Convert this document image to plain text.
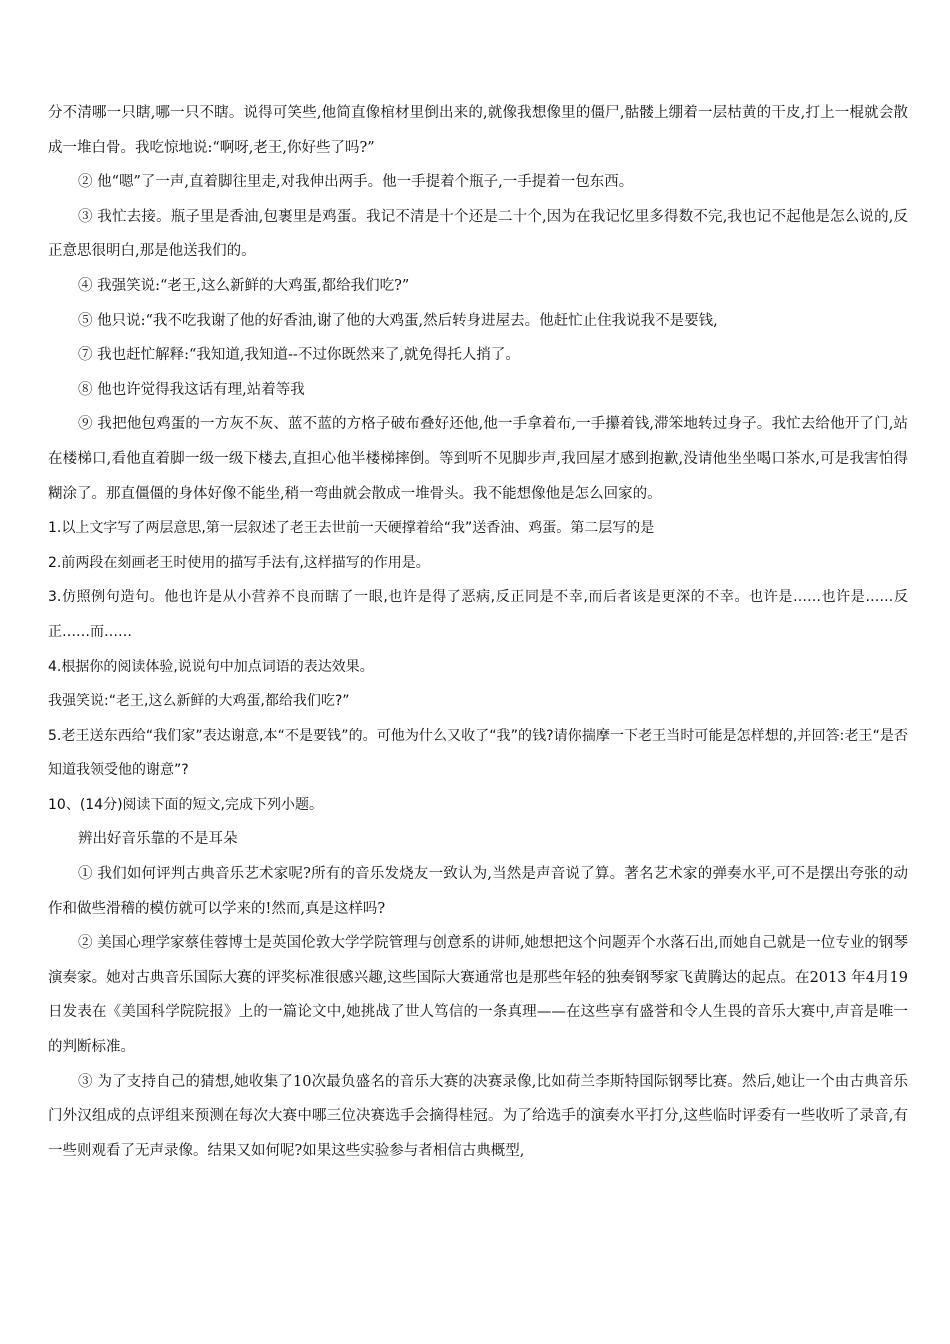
分不清哪一只瞎,哪一只不瞎。说得可笑些,他简直像棺材里倒出来的,就像我想像里的僵尸,骷髅上绷着一层枯黄的干皮,打上一棍就会散成一堆白骨。我吃惊地说:“啊呀,老王,你好些了吗?”

② 他“嗯”了一声,直着脚往里走,对我伸出两手。他一手提着个瓶子,一手提着一包东西。

③ 我忙去接。瓶子里是香油,包裹里是鸡蛋。我记不清是十个还是二十个,因为在我记忆里多得数不完,我也记不起他是怎么说的,反正意思很明白,那是他送我们的。

④ 我强笑说:“老王,这么新鲜的大鸡蛋,都给我们吃?”

⑤ 他只说:“我不吃我谢了他的好香油,谢了他的大鸡蛋,然后转身进屋去。他赶忙止住我说我不是要钱,

⑦ 我也赶忙解释:“我知道,我知道--不过你既然来了,就免得托人捎了。

⑧ 他也许觉得我这话有理,站着等我

⑨ 我把他包鸡蛋的一方灰不灰、蓝不蓝的方格子破布叠好还他,他一手拿着布,一手攥着钱,滞笨地转过身子。我忙去给他开了门,站在楼梯口,看他直着脚一级一级下楼去,直担心他半楼梯摔倒。等到听不见脚步声,我回屋才感到抱歉,没请他坐坐喝口茶水,可是我害怕得糊涂了。那直僵僵的身体好像不能坐,稍一弯曲就会散成一堆骨头。我不能想像他是怎么回家的。

1.以上文字写了两层意思,第一层叙述了老王去世前一天硬撑着给“我”送香油、鸡蛋。第二层写的是

2.前两段在刻画老王时使用的描写手法有,这样描写的作用是。

3.仿照例句造句。他也许是从小营养不良而瞎了一眼,也许是得了恶病,反正同是不幸,而后者该是更深的不幸。也许是……也许是……反正……而……

4.根据你的阅读体验,说说句中加点词语的表达效果。

我强笑说:“老王,这么新鲜的大鸡蛋,都给我们吃?”

5.老王送东西给“我们家”表达谢意,本“不是要钱”的。可他为什么又收了“我”的钱?请你揣摩一下老王当时可能是怎样想的,并回答:老王“是否知道我领受他的谢意”?

10、(14分)阅读下面的短文,完成下列小题。

辨出好音乐靠的不是耳朵

① 我们如何评判古典音乐艺术家呢?所有的音乐发烧友一致认为,当然是声音说了算。著名艺术家的弹奏水平,可不是摆出夸张的动作和做些滑稽的模仿就可以学来的!然而,真是这样吗?

② 美国心理学家蔡佳蓉博士是英国伦敦大学学院管理与创意系的讲师,她想把这个问题弄个水落石出,而她自己就是一位专业的钢琴演奏家。她对古典音乐国际大赛的评奖标准很感兴趣,这些国际大赛通常也是那些年轻的独奏钢琴家飞黄腾达的起点。在2013 年4月19日发表在《美国科学院院报》上的一篇论文中,她挑战了世人笃信的一条真理——在这些享有盛誉和令人生畏的音乐大赛中,声音是唯一的判断标准。

③ 为了支持自己的猜想,她收集了10次最负盛名的音乐大赛的决赛录像,比如荷兰李斯特国际钢琴比赛。然后,她让一个由古典音乐门外汉组成的点评组来预测在每次大赛中哪三位决赛选手会摘得桂冠。为了给选手的演奏水平打分,这些临时评委有一些收听了录音,有一些则观看了无声录像。结果又如何呢?如果这些实验参与者相信古典概型,
